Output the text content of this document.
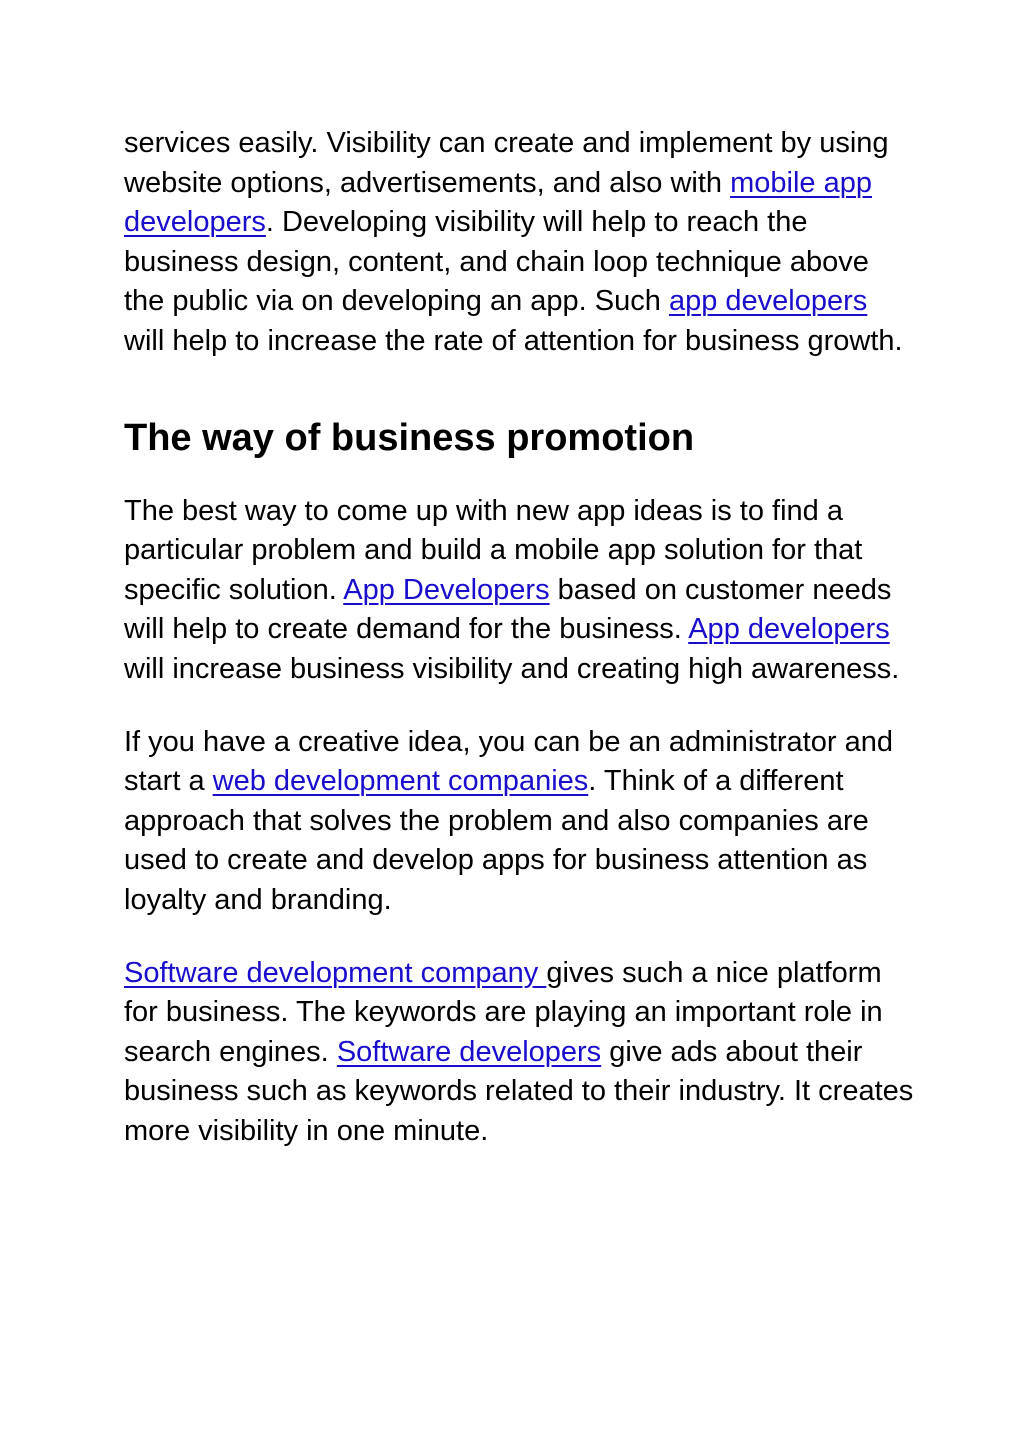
services easily. Visibility can create and implement by using website options, advertisements, and also with mobile app developers. Developing visibility will help to reach the business design, content, and chain loop technique above the public via on developing an app. Such app developers will help to increase the rate of attention for business growth.

The way of business promotion

The best way to come up with new app ideas is to find a particular problem and build a mobile app solution for that specific solution. App Developers based on customer needs will help to create demand for the business. App developers will increase business visibility and creating high awareness.

If you have a creative idea, you can be an administrator and start a web development companies. Think of a different approach that solves the problem and also companies are used to create and develop apps for business attention as loyalty and branding.

Software development company gives such a nice platform for business. The keywords are playing an important role in search engines. Software developers give ads about their business such as keywords related to their industry. It creates more visibility in one minute.
